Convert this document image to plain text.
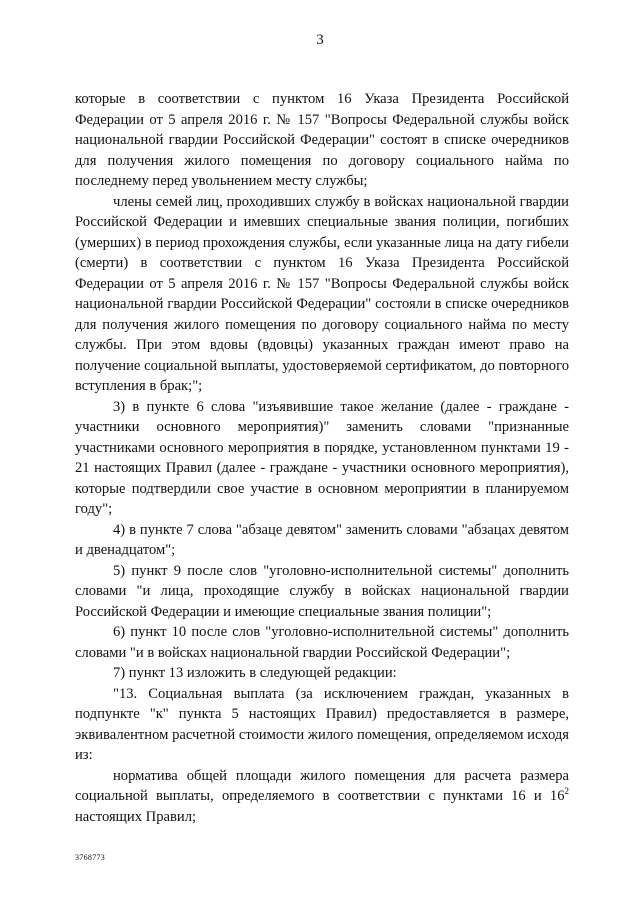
3

которые в соответствии с пунктом 16 Указа Президента Российской Федерации от 5 апреля 2016 г. № 157 "Вопросы Федеральной службы войск национальной гвардии Российской Федерации" состоят в списке очередников для получения жилого помещения по договору социального найма по последнему перед увольнением месту службы;

члены семей лиц, проходивших службу в войсках национальной гвардии Российской Федерации и имевших специальные звания полиции, погибших (умерших) в период прохождения службы, если указанные лица на дату гибели (смерти) в соответствии с пунктом 16 Указа Президента Российской Федерации от 5 апреля 2016 г. № 157 "Вопросы Федеральной службы войск национальной гвардии Российской Федерации" состояли в списке очередников для получения жилого помещения по договору социального найма по месту службы. При этом вдовы (вдовцы) указанных граждан имеют право на получение социальной выплаты, удостоверяемой сертификатом, до повторного вступления в брак;";

3) в пункте 6 слова "изъявившие такое желание (далее - граждане - участники основного мероприятия)" заменить словами "признанные участниками основного мероприятия в порядке, установленном пунктами 19 - 21 настоящих Правил (далее - граждане - участники основного мероприятия), которые подтвердили свое участие в основном мероприятии в планируемом году";

4) в пункте 7 слова "абзаце девятом" заменить словами "абзацах девятом и двенадцатом";

5) пункт 9 после слов "уголовно-исполнительной системы" дополнить словами "и лица, проходящие службу в войсках национальной гвардии Российской Федерации и имеющие специальные звания полиции";

6) пункт 10 после слов "уголовно-исполнительной системы" дополнить словами "и в войсках национальной гвардии Российской Федерации";

7) пункт 13 изложить в следующей редакции:

"13. Социальная выплата (за исключением граждан, указанных в подпункте "к" пункта 5 настоящих Правил) предоставляется в размере, эквивалентном расчетной стоимости жилого помещения, определяемом исходя из:

норматива общей площади жилого помещения для расчета размера социальной выплаты, определяемого в соответствии с пунктами 16 и $16^2$ настоящих Правил;

3768773
